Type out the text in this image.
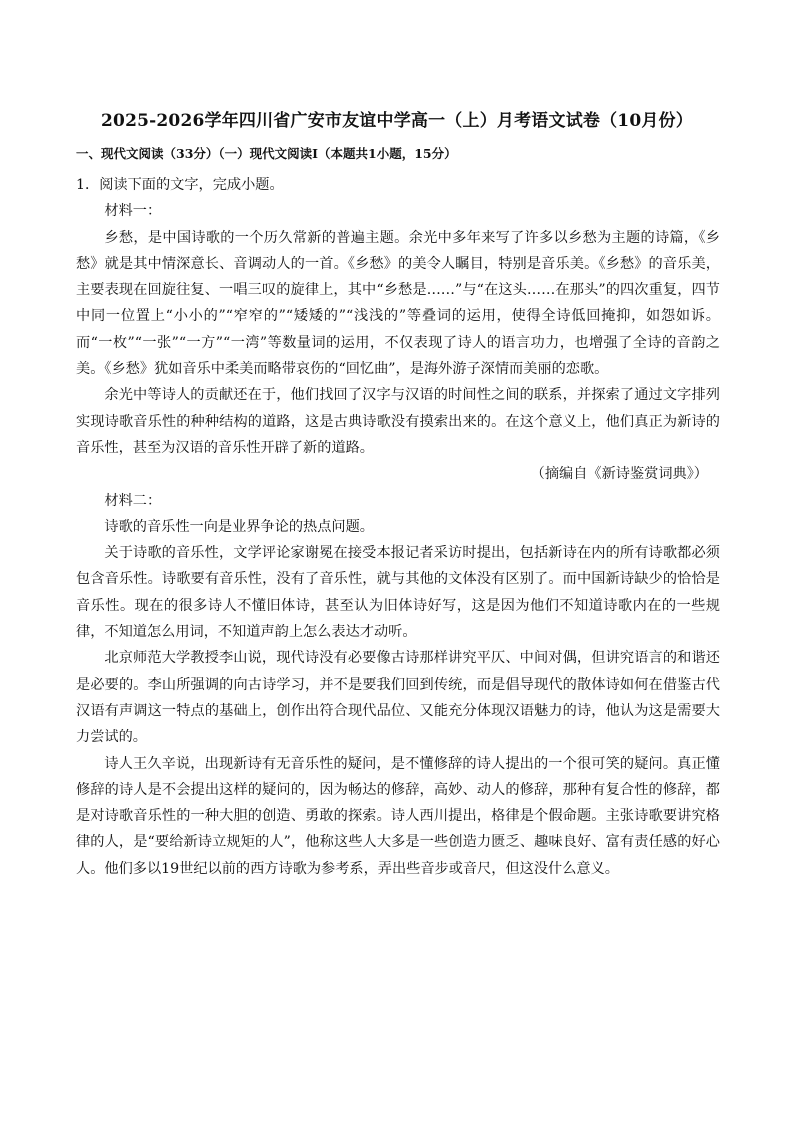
2025-2026学年四川省广安市友谊中学高一（上）月考语文试卷（10月份）
一、现代文阅读（33分）（一）现代文阅读Ⅰ（本题共1小题，15分）

1．阅读下面的文字，完成小题。

材料一：

乡愁，是中国诗歌的一个历久常新的普遍主题。余光中多年来写了许多以乡愁为主题的诗篇，《乡愁》就是其中情深意长、音调动人的一首。《乡愁》的美令人瞩目，特别是音乐美。《乡愁》的音乐美，主要表现在回旋往复、一唱三叹的旋律上，其中“乡愁是……”与“在这头……在那头”的四次重复，四节中同一位置上“小小的”“窄窄的”“矮矮的”“浅浅的”等叠词的运用，使得全诗低回掩抑，如怨如诉。而“一枚”“一张”“一方”“一湾”等数量词的运用，不仅表现了诗人的语言功力，也增强了全诗的音韵之美。《乡愁》犹如音乐中柔美而略带哀伤的“回忆曲”，是海外游子深情而美丽的恋歌。

余光中等诗人的贡献还在于，他们找回了汉字与汉语的时间性之间的联系，并探索了通过文字排列实现诗歌音乐性的种种结构的道路，这是古典诗歌没有摸索出来的。在这个意义上，他们真正为新诗的音乐性，甚至为汉语的音乐性开辟了新的道路。

（摘编自《新诗鉴赏词典》）

材料二：

诗歌的音乐性一向是业界争论的热点问题。

关于诗歌的音乐性，文学评论家谢冕在接受本报记者采访时提出，包括新诗在内的所有诗歌都必须包含音乐性。诗歌要有音乐性，没有了音乐性，就与其他的文体没有区别了。而中国新诗缺少的恰恰是音乐性。现在的很多诗人不懂旧体诗，甚至认为旧体诗好写，这是因为他们不知道诗歌内在的一些规律，不知道怎么用词，不知道声韵上怎么表达才动听。

北京师范大学教授李山说，现代诗没有必要像古诗那样讲究平仄、中间对偶，但讲究语言的和谐还是必要的。李山所强调的向古诗学习，并不是要我们回到传统，而是倡导现代的散体诗如何在借鉴古代汉语有声调这一特点的基础上，创作出符合现代品位、又能充分体现汉语魅力的诗，他认为这是需要大力尝试的。

诗人王久辛说，出现新诗有无音乐性的疑问，是不懂修辞的诗人提出的一个很可笑的疑问。真正懂修辞的诗人是不会提出这样的疑问的，因为畅达的修辞，高妙、动人的修辞，那种有复合性的修辞，都是对诗歌音乐性的一种大胆的创造、勇敢的探索。诗人西川提出，格律是个假命题。主张诗歌要讲究格律的人，是“要给新诗立规矩的人”，他称这些人大多是一些创造力匮乏、趣味良好、富有责任感的好心人。他们多以19世纪以前的西方诗歌为参考系，弄出些音步或音尺，但这没什么意义。
